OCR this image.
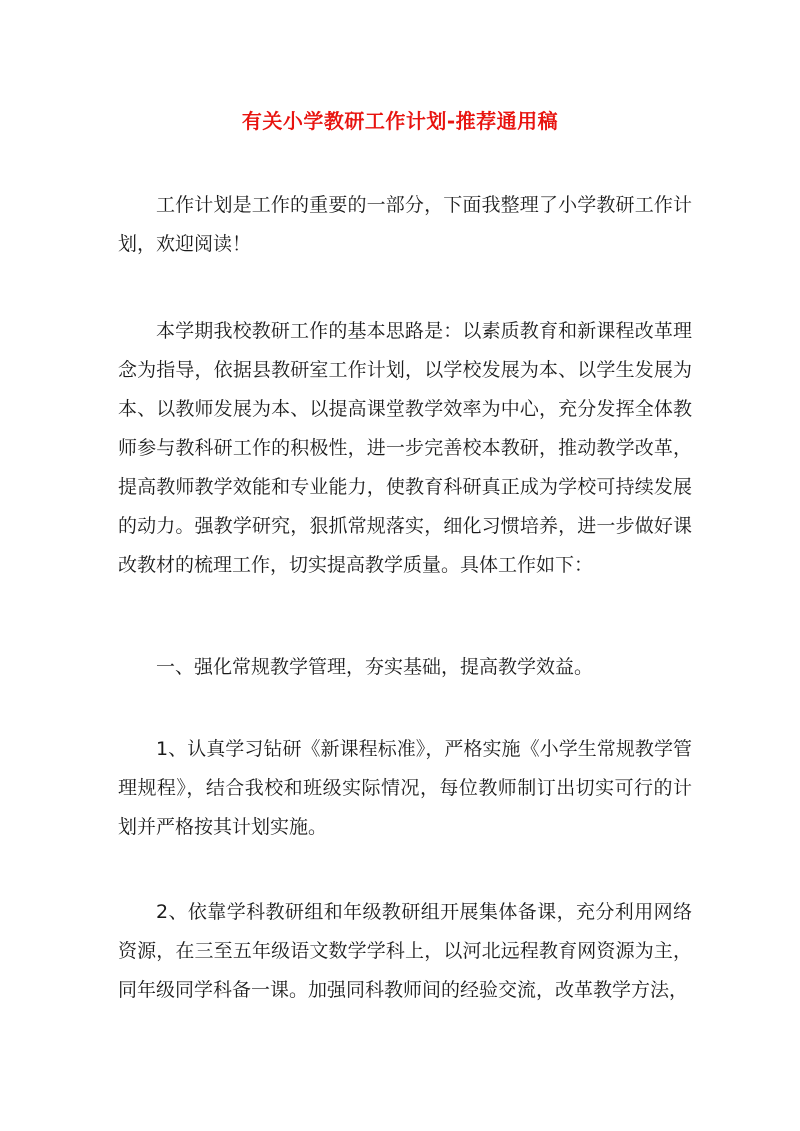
有关小学教研工作计划-推荐通用稿

工作计划是工作的重要的一部分，下面我整理了小学教研工作计划，欢迎阅读！

本学期我校教研工作的基本思路是：以素质教育和新课程改革理念为指导，依据县教研室工作计划，以学校发展为本、以学生发展为本、以教师发展为本、以提高课堂教学效率为中心，充分发挥全体教师参与教科研工作的积极性，进一步完善校本教研，推动教学改革，提高教师教学效能和专业能力，使教育科研真正成为学校可持续发展的动力。强教学研究，狠抓常规落实，细化习惯培养，进一步做好课改教材的梳理工作，切实提高教学质量。具体工作如下：

一、强化常规教学管理，夯实基础，提高教学效益。

1、认真学习钻研《新课程标准》，严格实施《小学生常规教学管理规程》，结合我校和班级实际情况，每位教师制订出切实可行的计划并严格按其计划实施。

2、依靠学科教研组和年级教研组开展集体备课，充分利用网络资源，在三至五年级语文数学学科上，以河北远程教育网资源为主，同年级同学科备一课。加强同科教师间的经验交流，改革教学方法，
